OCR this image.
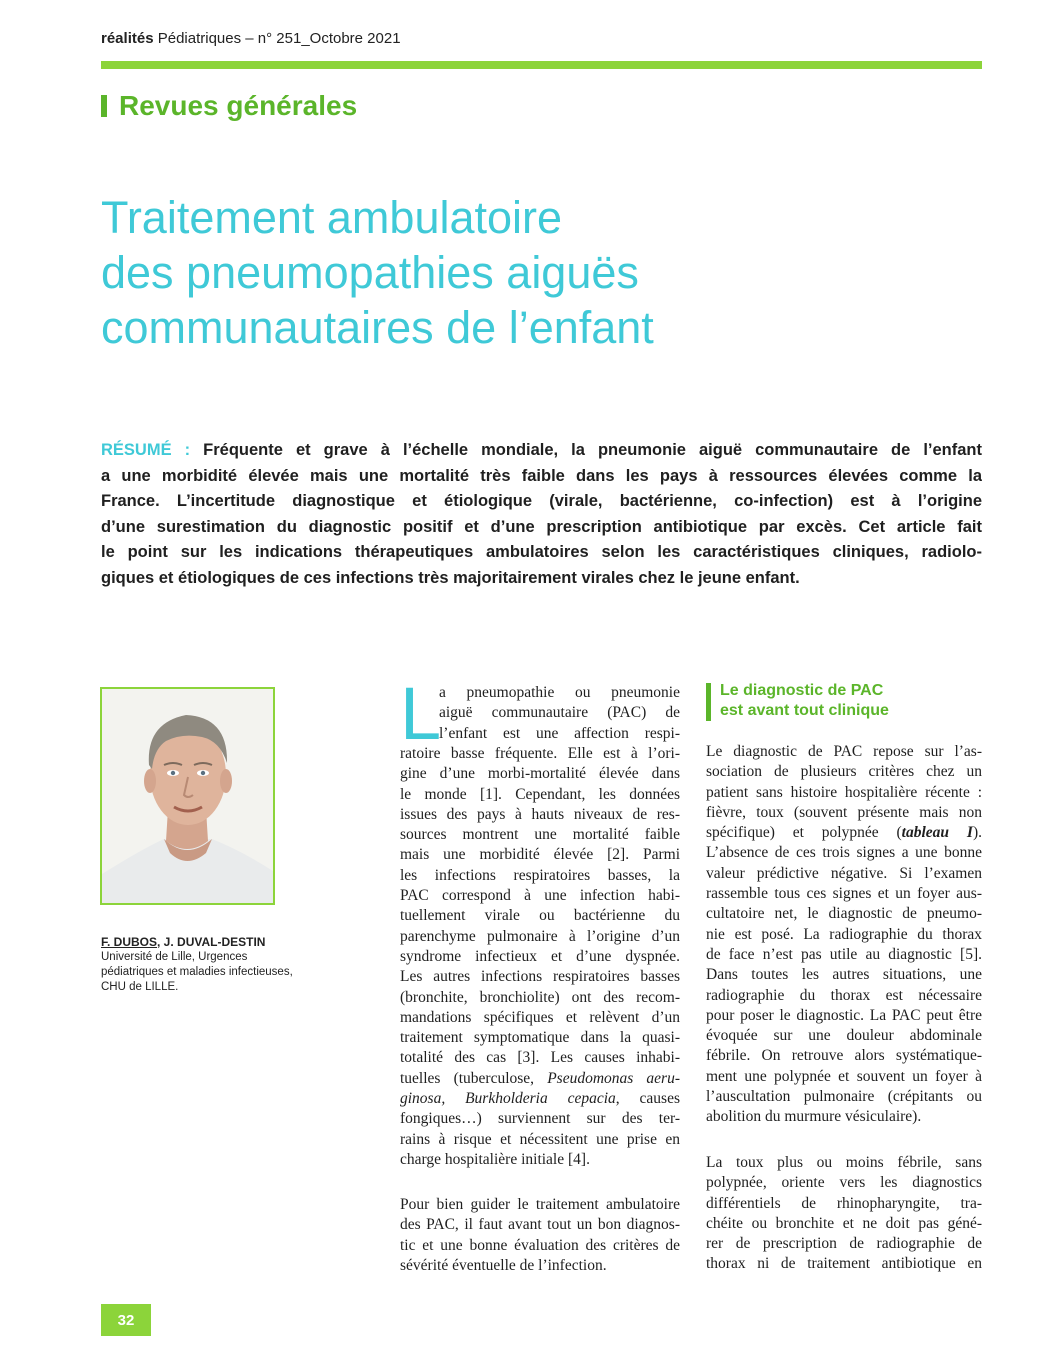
réalités Pédiatriques – n° 251_Octobre 2021
Revues générales
Traitement ambulatoire
des pneumopathies aiguës
communautaires de l’enfant
RÉSUMÉ : Fréquente et grave à l’échelle mondiale, la pneumonie aiguë communautaire de l’enfant
a une morbidité élevée mais une mortalité très faible dans les pays à ressources élevées comme la
France. L’incertitude diagnostique et étiologique (virale, bactérienne, co-infection) est à l’origine
d’une surestimation du diagnostic positif et d’une prescription antibiotique par excès. Cet article fait
le point sur les indications thérapeutiques ambulatoires selon les caractéristiques cliniques, radiolo-
giques et étiologiques de ces infections très majoritairement virales chez le jeune enfant.
F. DUBOS, J. DUVAL-DESTIN
Université de Lille, Urgences
pédiatriques et maladies infectieuses,
CHU de LILLE.
L
a pneumopathie ou pneumonie
aiguë communautaire (PAC) de
l’enfant est une affection respi-
ratoire basse fréquente. Elle est à l’ori-
gine d’une morbi-mortalité élevée dans
le monde [1]. Cependant, les données
issues des pays à hauts niveaux de res-
sources montrent une mortalité faible
mais une morbidité élevée [2]. Parmi
les infections respiratoires basses, la
PAC correspond à une infection habi-
tuellement virale ou bactérienne du
parenchyme pulmonaire à l’origine d’un
syndrome infectieux et d’une dyspnée.
Les autres infections respiratoires basses
(bronchite, bronchiolite) ont des recom-
mandations spécifiques et relèvent d’un
traitement symptomatique dans la quasi-
totalité des cas [3]. Les causes inhabi-
tuelles (tuberculose, Pseudomonas aeru-
ginosa, Burkholderia cepacia, causes
fongiques…) surviennent sur des ter-
rains à risque et nécessitent une prise en
charge hospitalière initiale [4].
Pour bien guider le traitement ambulatoire
des PAC, il faut avant tout un bon diagnos-
tic et une bonne évaluation des critères de
sévérité éventuelle de l’infection.
Le diagnostic de PAC
est avant tout clinique
Le diagnostic de PAC repose sur l’as-
sociation de plusieurs critères chez un
patient sans histoire hospitalière récente :
fièvre, toux (souvent présente mais non
spécifique) et polypnée (tableau I).
L’absence de ces trois signes a une bonne
valeur prédictive négative. Si l’examen
rassemble tous ces signes et un foyer aus-
cultatoire net, le diagnostic de pneumo-
nie est posé. La radiographie du thorax
de face n’est pas utile au diagnostic [5].
Dans toutes les autres situations, une
radiographie du thorax est nécessaire
pour poser le diagnostic. La PAC peut être
évoquée sur une douleur abdominale
fébrile. On retrouve alors systématique-
ment une polypnée et souvent un foyer à
l’auscultation pulmonaire (crépitants ou
abolition du murmure vésiculaire).
La toux plus ou moins fébrile, sans
polypnée, oriente vers les diagnostics
différentiels de rhinopharyngite, tra-
chéite ou bronchite et ne doit pas géné-
rer de prescription de radiographie de
thorax ni de traitement antibiotique en
32
